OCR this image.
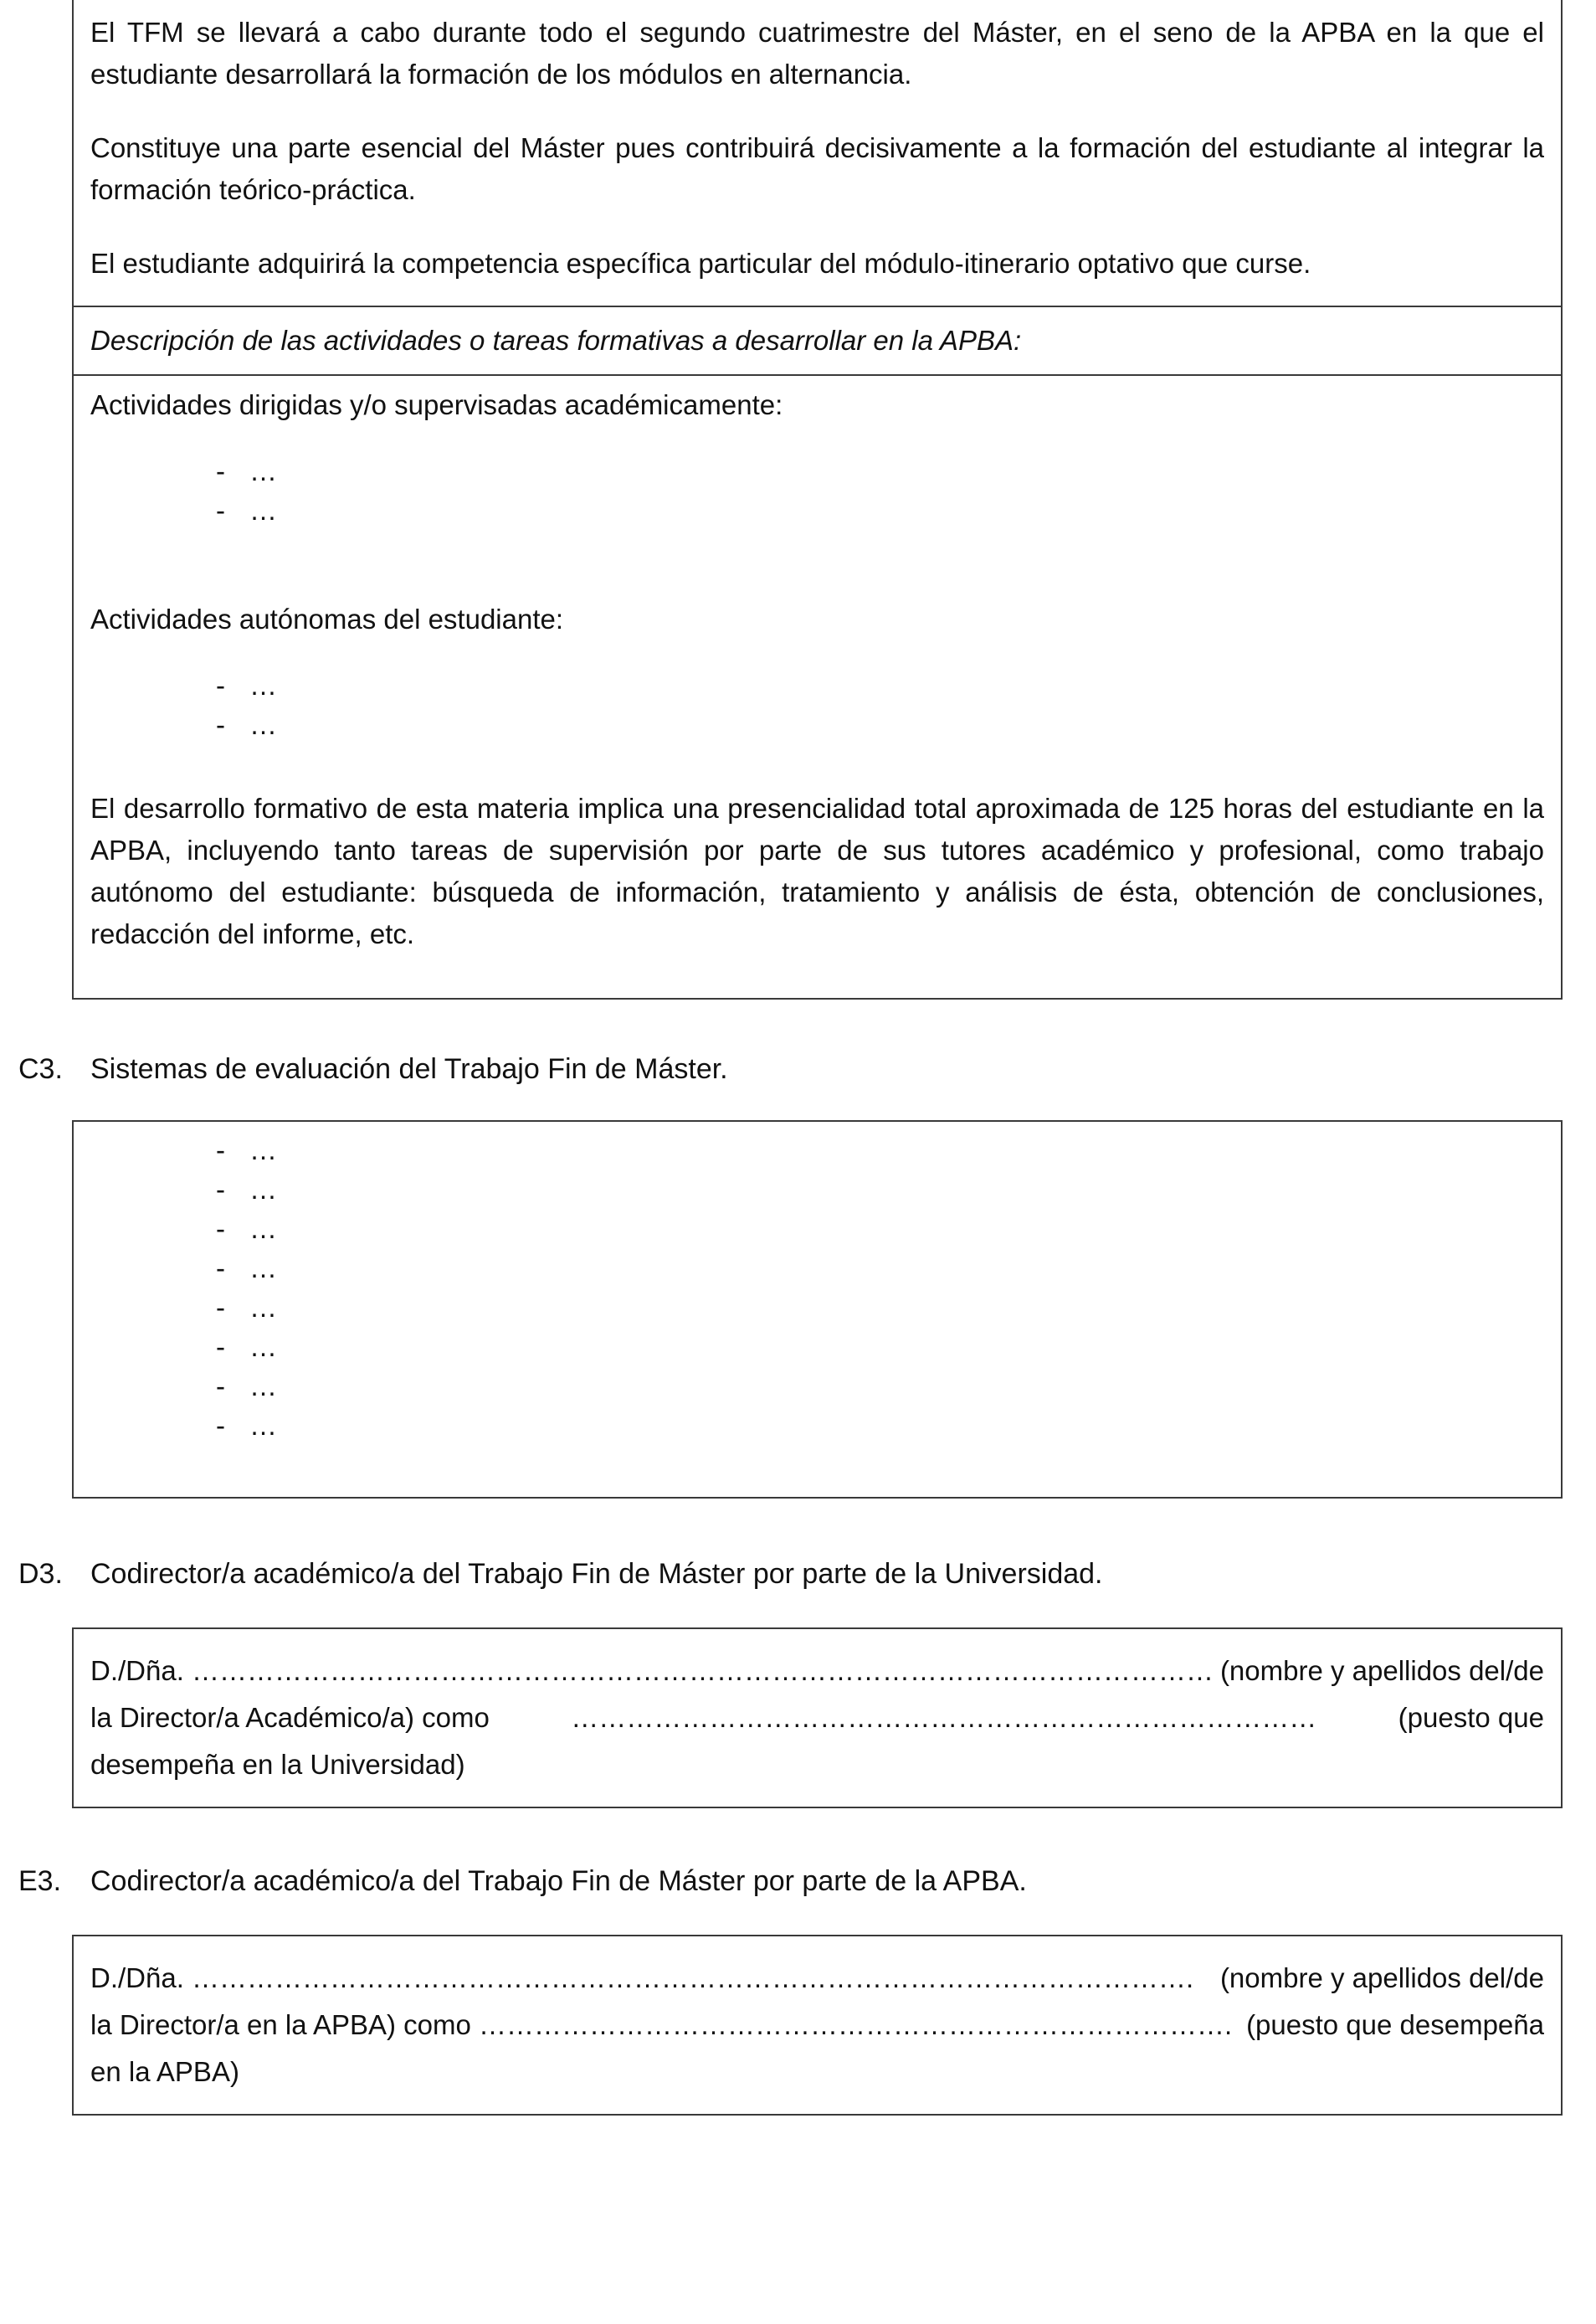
El TFM se llevará a cabo durante todo el segundo cuatrimestre del Máster, en el seno de la APBA en la que el estudiante desarrollará la formación de los módulos en alternancia.

Constituye una parte esencial del Máster pues contribuirá decisivamente a la formación del estudiante al integrar la formación teórico-práctica.

El estudiante adquirirá la competencia específica particular del módulo-itinerario optativo que curse.

Descripción de las actividades o tareas formativas a desarrollar en la APBA:

Actividades dirigidas y/o supervisadas académicamente:

- …
- …

Actividades autónomas del estudiante:

- …
- …

El desarrollo formativo de esta materia implica una presencialidad total aproximada de 125 horas del estudiante en la APBA, incluyendo tanto tareas de supervisión por parte de sus tutores académico y profesional, como trabajo autónomo del estudiante: búsqueda de información, tratamiento y análisis de ésta, obtención de conclusiones, redacción del informe, etc.

C3. Sistemas de evaluación del Trabajo Fin de Máster.

- …
- …
- …
- …
- …
- …
- …
- …

D3. Codirector/a académico/a del Trabajo Fin de Máster por parte de la Universidad.

D./Dña. ………………………………………………………………………………………………… (nombre y apellidos del/de
la Director/a Académico/a) como	………………………………………………………………………	(puesto que
desempeña en la Universidad)

E3. Codirector/a académico/a del Trabajo Fin de Máster por parte de la APBA.

D./Dña. ………………………………………………………………………………………………. (nombre y apellidos del/de
la Director/a en la APBA) como ………………………………………………………………………. (puesto que desempeña
en la APBA)
